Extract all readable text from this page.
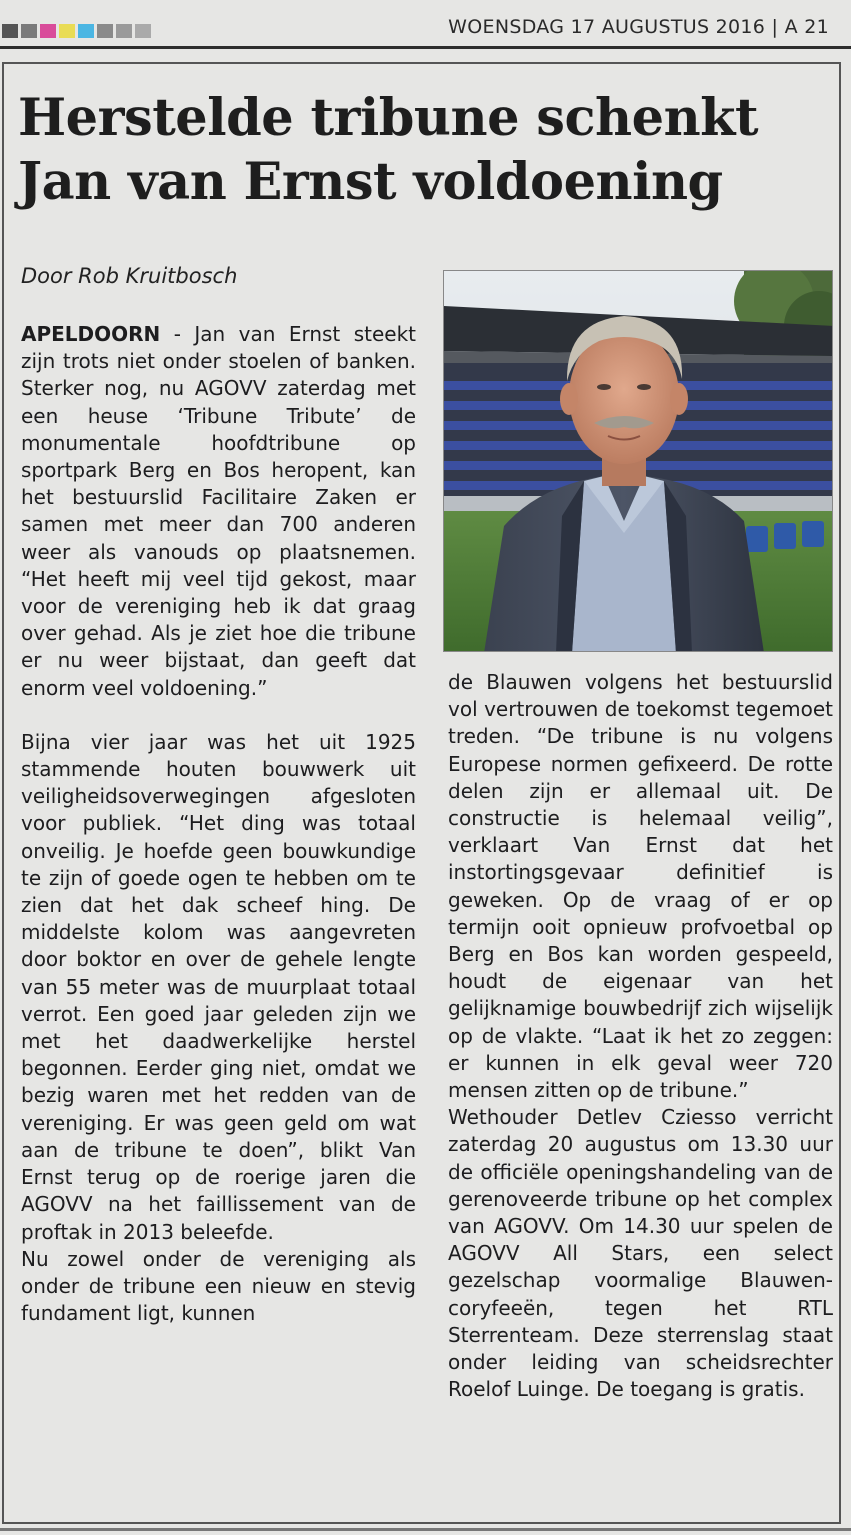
WOENSDAG 17 AUGUSTUS 2016 | A 21
Herstelde tribune schenkt
Jan van Ernst voldoening
Door Rob Kruitbosch

APELDOORN - Jan van Ernst steekt zijn trots niet onder stoelen of banken. Sterker nog, nu AGOVV zaterdag met een heuse ‘Tribune Tribute’ de monumentale hoofdtribune op sportpark Berg en Bos heropent, kan het bestuurslid Facilitaire Zaken er samen met meer dan 700 anderen weer als vanouds op plaatsnemen. “Het heeft mij veel tijd gekost, maar voor de vereniging heb ik dat graag over gehad. Als je ziet hoe die tribune er nu weer bijstaat, dan geeft dat enorm veel voldoening.”

Bijna vier jaar was het uit 1925 stammende houten bouwwerk uit veiligheidsoverwegingen afgesloten voor publiek. “Het ding was totaal onveilig. Je hoefde geen bouwkundige te zijn of goede ogen te hebben om te zien dat het dak scheef hing. De middelste kolom was aangevreten door boktor en over de gehele lengte van 55 meter was de muurplaat totaal verrot. Een goed jaar geleden zijn we met het daadwerkelijke herstel begonnen. Eerder ging niet, omdat we bezig waren met het redden van de vereniging. Er was geen geld om wat aan de tribune te doen”, blikt Van Ernst terug op de roerige jaren die AGOVV na het faillissement van de proftak in 2013 beleefde.

Nu zowel onder de vereniging als onder de tribune een nieuw en stevig fundament ligt, kunnen

de Blauwen volgens het bestuurslid vol vertrouwen de toekomst tegemoet treden. “De tribune is nu volgens Europese normen gefixeerd. De rotte delen zijn er allemaal uit. De constructie is helemaal veilig”, verklaart Van Ernst dat het instortingsgevaar definitief is geweken. Op de vraag of er op termijn ooit opnieuw profvoetbal op Berg en Bos kan worden gespeeld, houdt de eigenaar van het gelijknamige bouwbedrijf zich wijselijk op de vlakte. “Laat ik het zo zeggen: er kunnen in elk geval weer 720 mensen zitten op de tribune.”

Wethouder Detlev Cziesso verricht zaterdag 20 augustus om 13.30 uur de officiële openingshandeling van de gerenoveerde tribune op het complex van AGOVV. Om 14.30 uur spelen de AGOVV All Stars, een select gezelschap voormalige Blauwen-coryfeeën, tegen het RTL Sterrenteam. Deze sterrenslag staat onder leiding van scheidsrechter Roelof Luinge. De toegang is gratis.
